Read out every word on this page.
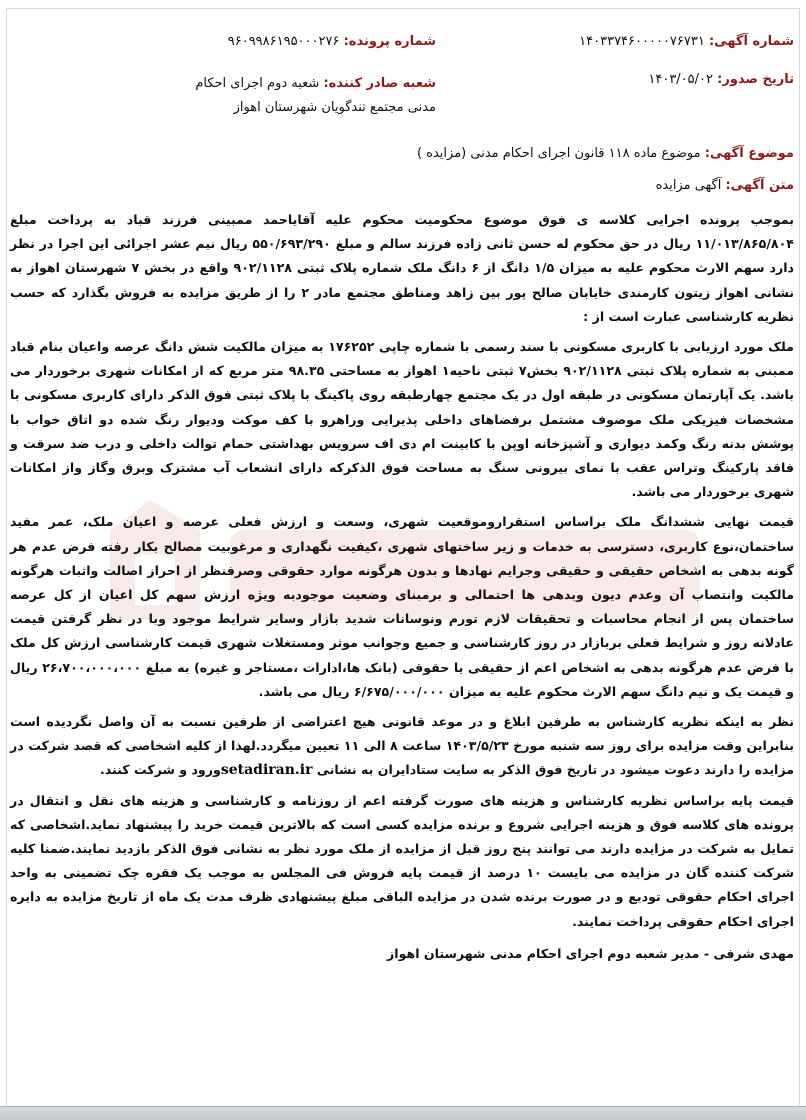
شماره آگهی: ۱۴۰۳۳۷۴۶۰۰۰۰۰۷۶۷۳۱
تاریخ صدور: ۱۴۰۳/۰۵/۰۲
شماره پرونده: ۹۶۰۹۹۸۶۱۹۵۰۰۰۲۷۶
شعبه صادر کننده: شعبه دوم اجرای احکام مدنی مجتمع تندگویان شهرستان اهواز
موضوع آگهی: موضوع ماده ۱۱۸ قانون اجرای احکام مدنی (مزایده )
متن آگهی: آگهی مزایده

بموجب پرونده اجرایی کلاسه ی فوق موضوع محکومیت محکوم علیه آقایاحمد ممبینی فرزند قباد به پرداخت مبلغ ۱۱/۰۱۳/۸۶۵/۸۰۴ ریال در حق محکوم له حسن ثانی زاده فرزند سالم و مبلغ ۵۵۰/۶۹۳/۲۹۰ ریال نیم عشر اجرائی این اجرا در نظر دارد سهم الارث محکوم علیه به میزان ۱/۵ دانگ از ۶ دانگ ملک شماره پلاک ثبتی ۹۰۲/۱۱۲۸ واقع در بخش ۷ شهرستان اهواز به نشانی اهواز زیتون کارمندی خایابان صالح پور بین زاهد ومناطق مجتمع مادر ۲ را از طریق مزایده به فروش بگذارد که حسب نظریه کارشناسی عبارت است از :

ملک مورد ارزیابی با کاربری مسکونی با سند رسمی با شماره چاپی ۱۷۶۲۵۲ به میزان مالکیت شش دانگ عرصه واعیان بنام قباد ممبنی به شماره پلاک ثبتی ۹۰۲/۱۱۲۸ بخش۷ ثبتی ناحیه۱ اهواز به مساحتی ۹۸.۳۵ متر مربع که از امکانات شهری برخوردار می باشد. یک آپارتمان مسکونی در طبقه اول در یک مجتمع چهارطبقه روی پاکینگ با پلاک ثبتی فوق الذکر دارای کاربری مسکونی با مشخصات فیزیکی ملک موصوف مشتمل برفضاهای داخلی پذیرایی وراهرو با کف موکت ودیوار رنگ شده دو اتاق خواب با پوشش بدنه رنگ وکمد دیواری و آشپزخانه اوپن با کابینت ام دی اف سرویس بهداشتی حمام توالت داخلی و درب ضد سرقت و فاقد پارکینگ وتراس عقب با نمای بیرونی سنگ به مساحت فوق الذکرکه دارای انشعاب آب مشترک وبرق وگاز واز امکانات شهری برخوردار می باشد.

قیمت نهایی ششدانگ ملک براساس استقراروموقعیت شهری، وسعت و ارزش فعلی عرصه و اعیان ملک، عمر مفید ساختمان،نوع کاربری، دسترسی به خدمات و زیر ساختهای شهری ،کیفیت نگهداری و مرغوبیت مصالح بکار رفته فرض عدم هر گونه بدهی به اشخاص حقیقی و حقیقی وجرایم نهادها و بدون هرگونه موارد حقوقی وصرفنظر از احراز اصالت واثبات هرگونه مالکیت وانتصاب آن وعدم دیون وبدهی ها احتمالی و برمبنای وضعیت موجودبه ویژه ارزش سهم کل اعیان از کل عرصه ساختمان پس از انجام محاسبات و تحقیقات لازم تورم ونوسانات شدید بازار وسایر شرایط موجود وبا در نظر گرفتن قیمت عادلانه روز و شرایط فعلی بربازار در روز کارشناسی و جمیع وجوانب موثر ومستغلات شهری قیمت کارشناسی ارزش کل ملک با فرض عدم هرگونه بدهی به اشخاص اعم از حقیقی یا حقوقی (بانک ها،ادارات ،مستاجر و غیره) به مبلغ ۲۶،۷۰۰،۰۰۰،۰۰۰ ریال و قیمت یک و نیم دانگ سهم الارث محکوم علیه به میزان ۶/۶۷۵/۰۰۰/۰۰۰ ریال می باشد.

نظر به اینکه نظریه کارشناس به طرفین ابلاغ و در موعد قانونی هیچ اعتراضی از طرفین نسبت به آن واصل نگردیده است بنابراین وقت مزایده برای روز سه شنبه مورخ ۱۴۰۳/۵/۲۳ ساعت ۸ الی ۱۱ تعیین میگردد.لهذا از کلیه اشخاصی که قصد شرکت در مزایده را دارند دعوت میشود در تاریخ فوق الذکر به سایت ستادایران به نشانی setadiran.irورود و شرکت کنند.

قیمت پایه براساس نظریه کارشناس و هزینه های صورت گرفته اعم از روزنامه و کارشناسی و هزینه های نقل و انتقال در پرونده های کلاسه فوق و هزینه اجرایی شروع و برنده مزایده کسی است که بالاترین قیمت خرید را پیشنهاد نماید.اشخاصی که تمایل به شرکت در مزایده دارند می توانند پنج روز قبل از مزایده از ملک مورد نظر به نشانی فوق الذکر بازدید نمایند.ضمنا کلیه شرکت کننده گان در مزایده می بایست ۱۰ درصد از قیمت پایه فروش فی المجلس به موجب یک فقره چک تضمینی به واحد اجرای احکام حقوقی تودیع و در صورت برنده شدن در مزایده الباقی مبلغ پیشنهادی ظرف مدت یک ماه از تاریخ مزایده به دایره اجرای احکام حقوقی پرداخت نمایند.

مهدی شرفی - مدیر شعبه دوم اجرای احکام مدنی شهرستان اهواز
